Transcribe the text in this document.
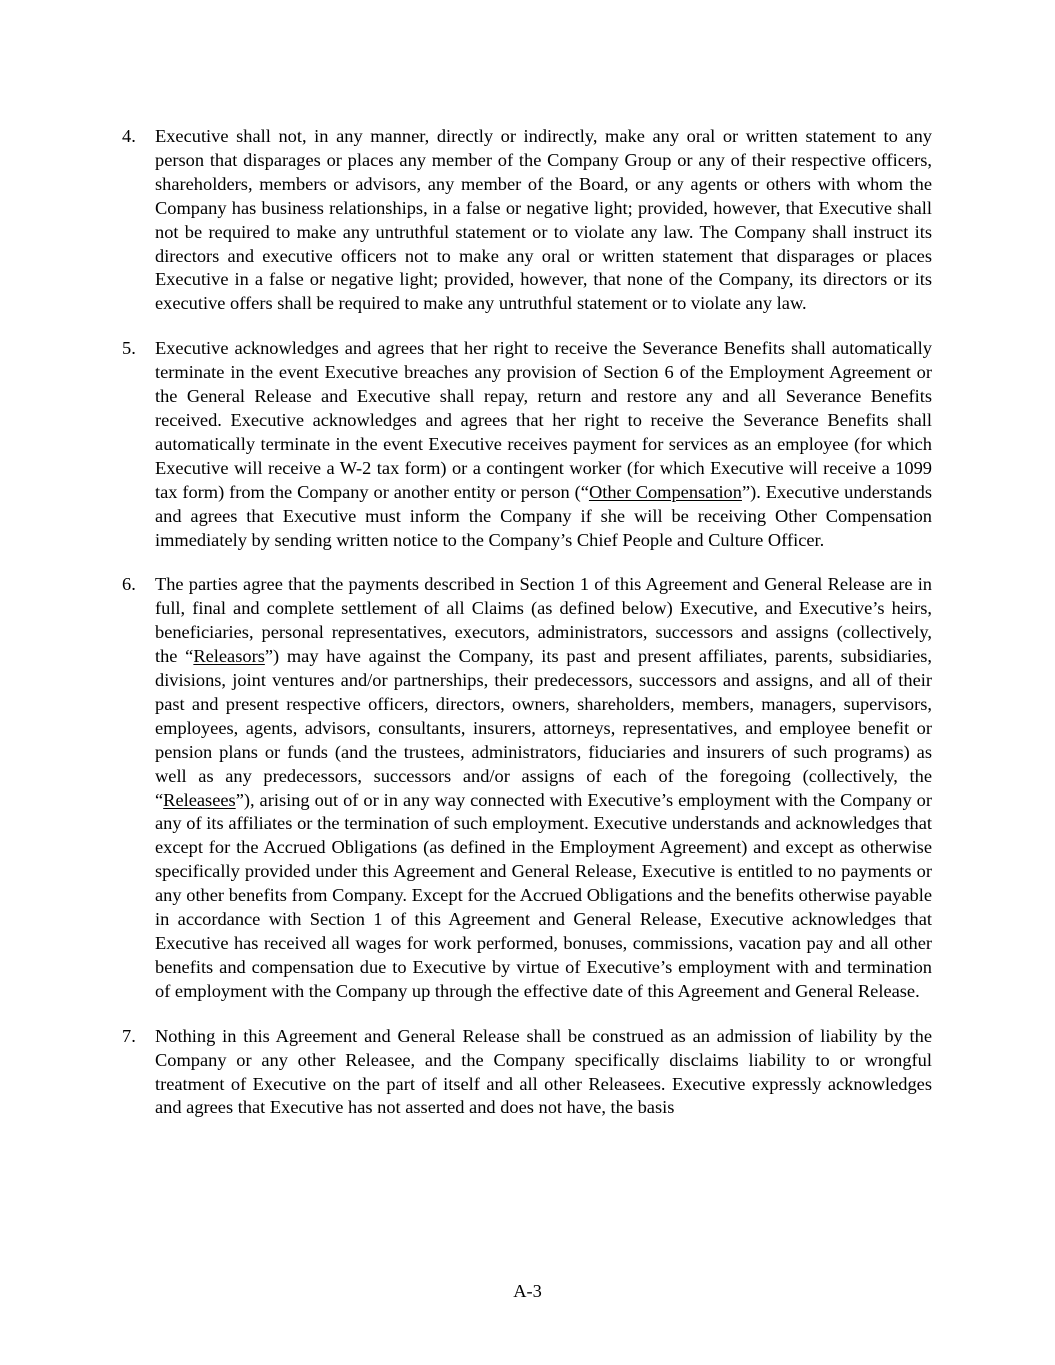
4. Executive shall not, in any manner, directly or indirectly, make any oral or written statement to any person that disparages or places any member of the Company Group or any of their respective officers, shareholders, members or advisors, any member of the Board, or any agents or others with whom the Company has business relationships, in a false or negative light; provided, however, that Executive shall not be required to make any untruthful statement or to violate any law. The Company shall instruct its directors and executive officers not to make any oral or written statement that disparages or places Executive in a false or negative light; provided, however, that none of the Company, its directors or its executive offers shall be required to make any untruthful statement or to violate any law.
5. Executive acknowledges and agrees that her right to receive the Severance Benefits shall automatically terminate in the event Executive breaches any provision of Section 6 of the Employment Agreement or the General Release and Executive shall repay, return and restore any and all Severance Benefits received. Executive acknowledges and agrees that her right to receive the Severance Benefits shall automatically terminate in the event Executive receives payment for services as an employee (for which Executive will receive a W-2 tax form) or a contingent worker (for which Executive will receive a 1099 tax form) from the Company or another entity or person (“Other Compensation”). Executive understands and agrees that Executive must inform the Company if she will be receiving Other Compensation immediately by sending written notice to the Company’s Chief People and Culture Officer.
6. The parties agree that the payments described in Section 1 of this Agreement and General Release are in full, final and complete settlement of all Claims (as defined below) Executive, and Executive’s heirs, beneficiaries, personal representatives, executors, administrators, successors and assigns (collectively, the “Releasors”) may have against the Company, its past and present affiliates, parents, subsidiaries, divisions, joint ventures and/or partnerships, their predecessors, successors and assigns, and all of their past and present respective officers, directors, owners, shareholders, members, managers, supervisors, employees, agents, advisors, consultants, insurers, attorneys, representatives, and employee benefit or pension plans or funds (and the trustees, administrators, fiduciaries and insurers of such programs) as well as any predecessors, successors and/or assigns of each of the foregoing (collectively, the “Releasees”), arising out of or in any way connected with Executive’s employment with the Company or any of its affiliates or the termination of such employment. Executive understands and acknowledges that except for the Accrued Obligations (as defined in the Employment Agreement) and except as otherwise specifically provided under this Agreement and General Release, Executive is entitled to no payments or any other benefits from Company. Except for the Accrued Obligations and the benefits otherwise payable in accordance with Section 1 of this Agreement and General Release, Executive acknowledges that Executive has received all wages for work performed, bonuses, commissions, vacation pay and all other benefits and compensation due to Executive by virtue of Executive’s employment with and termination of employment with the Company up through the effective date of this Agreement and General Release.
7. Nothing in this Agreement and General Release shall be construed as an admission of liability by the Company or any other Releasee, and the Company specifically disclaims liability to or wrongful treatment of Executive on the part of itself and all other Releasees. Executive expressly acknowledges and agrees that Executive has not asserted and does not have, the basis
A-3
